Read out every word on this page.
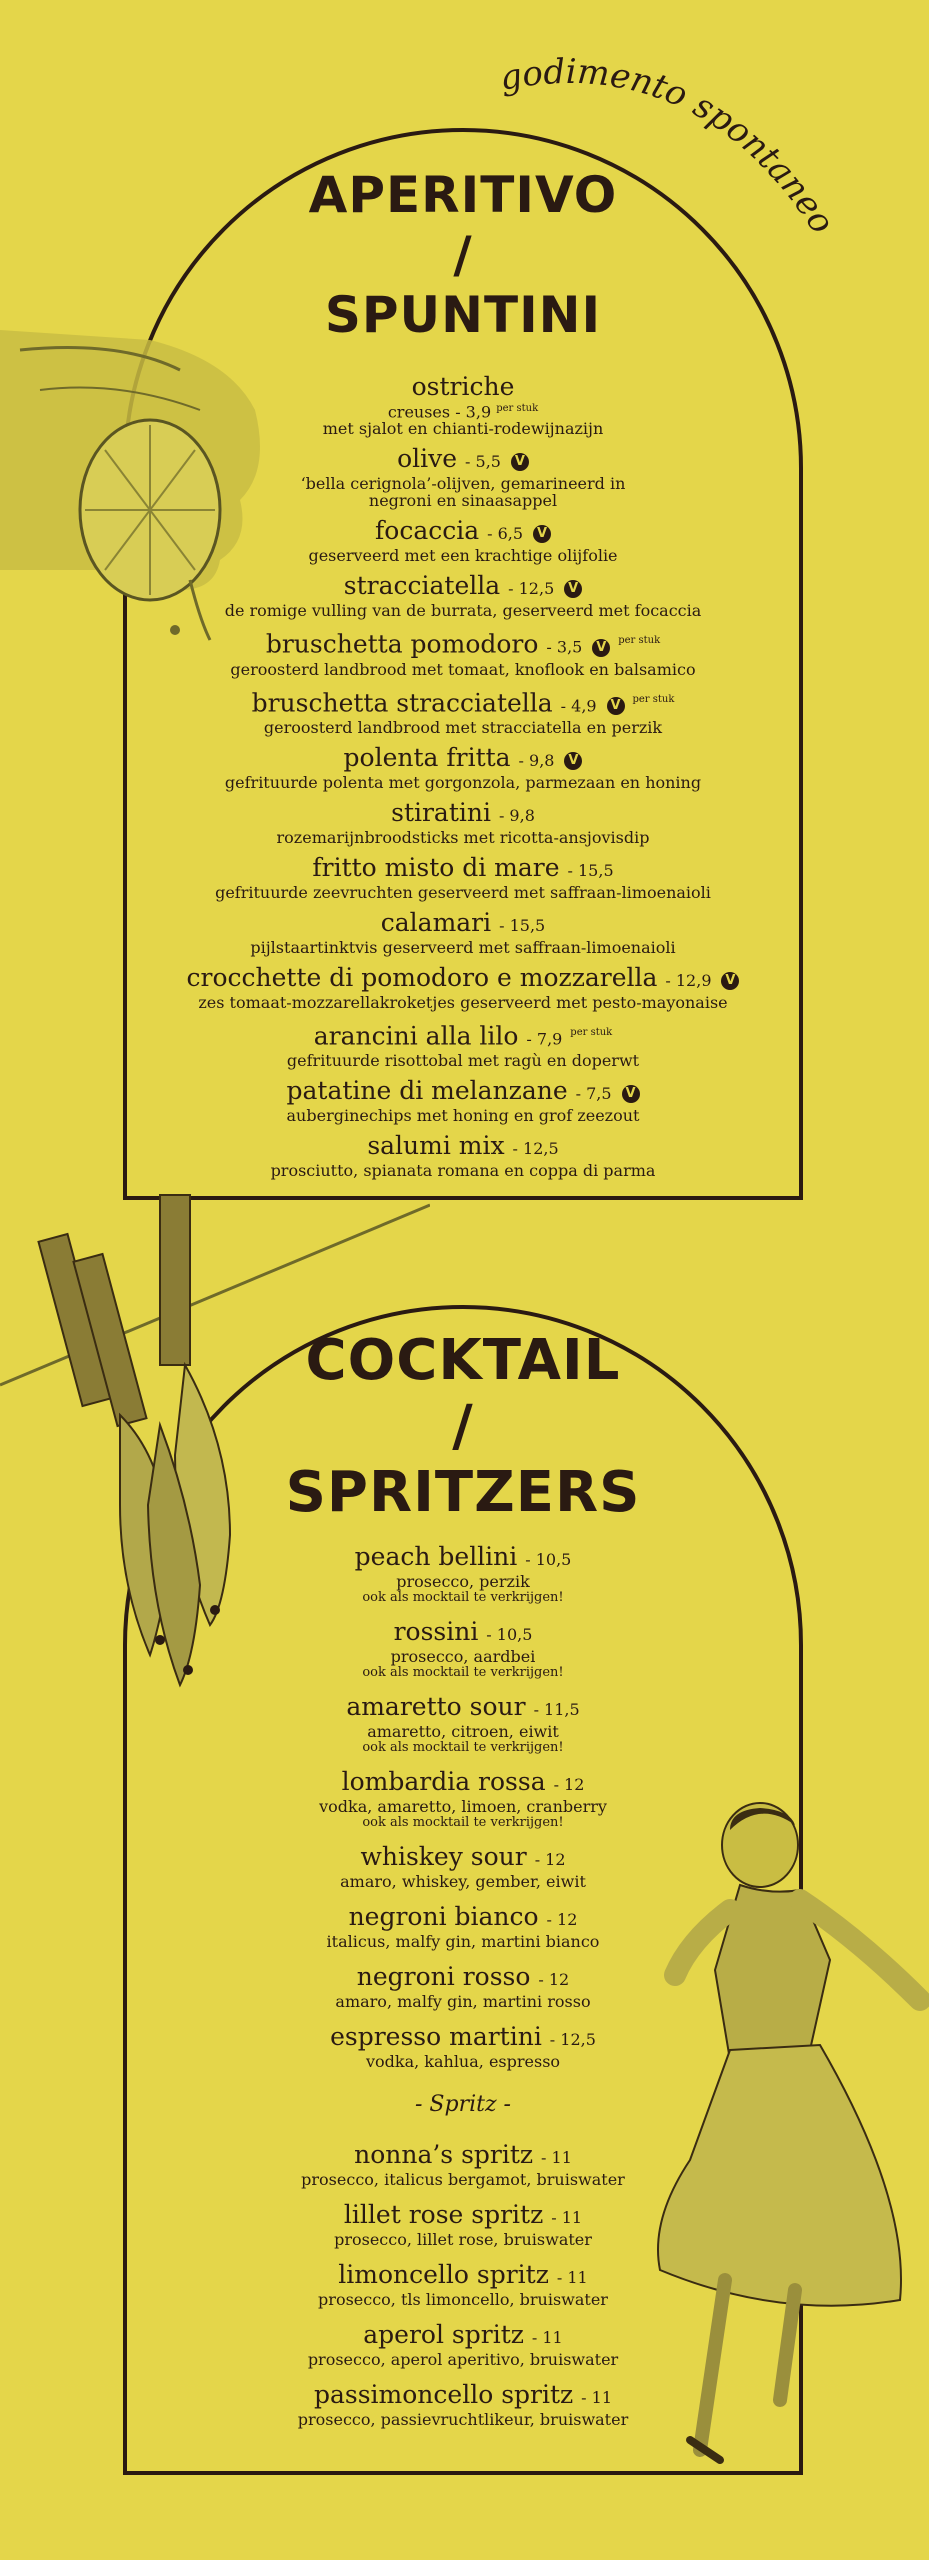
godimento spontaneo
APERITIVO
/
SPUNTINI
ostriche
creuses - 3,9 $^{per stuk}$
met sjalot en chianti-rodewijnazijn
olive - 5,5 V
‘bella cerignola’-olijven, gemarineerd in negroni en sinaasappel
focaccia - 6,5 V
geserveerd met een krachtige olijfolie
stracciatella - 12,5 V
de romige vulling van de burrata, geserveerd met focaccia
bruschetta pomodoro - 3,5 V $^{per stuk}$
geroosterd landbrood met tomaat, knoflook en balsamico
bruschetta stracciatella - 4,9 V $^{per stuk}$
geroosterd landbrood met stracciatella en perzik
polenta fritta - 9,8 V
gefrituurde polenta met gorgonzola, parmezaan en honing
stiratini - 9,8
rozemarijnbroodsticks met ricotta-ansjovisdip
fritto misto di mare - 15,5
gefrituurde zeevruchten geserveerd met saffraan-limoenaioli
calamari - 15,5
pijlstaartinktvis geserveerd met saffraan-limoenaioli
crocchette di pomodoro e mozzarella - 12,9 V
zes tomaat-mozzarellakroketjes geserveerd met pesto-mayonaise
arancini alla lilo - 7,9 $^{per stuk}$
gefrituurde risottobal met ragù en doperwt
patatine di melanzane - 7,5 V
auberginechips met honing en grof zeezout
salumi mix - 12,5
prosciutto, spianata romana en coppa di parma
COCKTAIL
/
SPRITZERS
peach bellini - 10,5
prosecco, perzik
ook als mocktail te verkrijgen!
rossini - 10,5
prosecco, aardbei
ook als mocktail te verkrijgen!
amaretto sour - 11,5
amaretto, citroen, eiwit
ook als mocktail te verkrijgen!
lombardia rossa - 12
vodka, amaretto, limoen, cranberry
ook als mocktail te verkrijgen!
whiskey sour - 12
amaro, whiskey, gember, eiwit
negroni bianco - 12
italicus, malfy gin, martini bianco
negroni rosso - 12
amaro, malfy gin, martini rosso
espresso martini - 12,5
vodka, kahlua, espresso
- Spritz -
nonna’s spritz - 11
prosecco, italicus bergamot, bruiswater
lillet rose spritz - 11
prosecco, lillet rose, bruiswater
limoncello spritz - 11
prosecco, tls limoncello, bruiswater
aperol spritz - 11
prosecco, aperol aperitivo, bruiswater
passimoncello spritz - 11
prosecco, passievruchtlikeur, bruiswater
